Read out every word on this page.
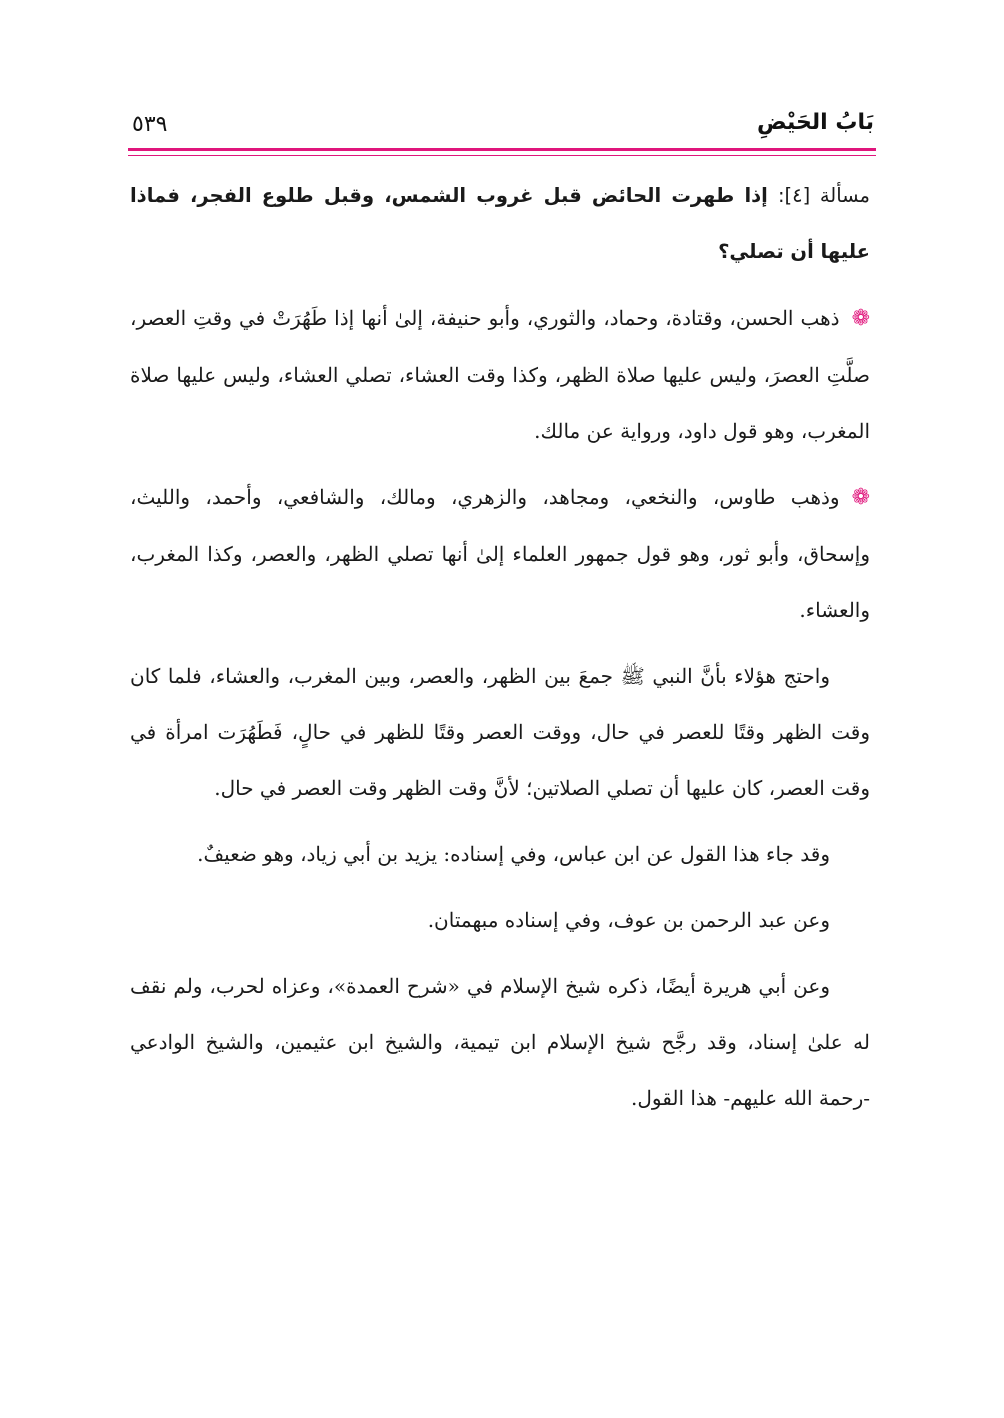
بَابُ الحَيْضِ
٥٣٩

مسألة [٤]: إذا طهرت الحائض قبل غروب الشمس، وقبل طلوع الفجر، فماذا عليها أن تصلي؟

❁ذهب الحسن، وقتادة، وحماد، والثوري، وأبو حنيفة، إلىٰ أنها إذا طَهُرَتْ في وقتِ العصر، صلَّتِ العصرَ، وليس عليها صلاة الظهر، وكذا وقت العشاء، تصلي العشاء، وليس عليها صلاة المغرب، وهو قول داود، ورواية عن مالك.

❁وذهب طاوس، والنخعي، ومجاهد، والزهري، ومالك، والشافعي، وأحمد، والليث، وإسحاق، وأبو ثور، وهو قول جمهور العلماء إلىٰ أنها تصلي الظهر، والعصر، وكذا المغرب، والعشاء.

واحتج هؤلاء بأنَّ النبي ﷺ جمعَ بين الظهر، والعصر، وبين المغرب، والعشاء، فلما كان وقت الظهر وقتًا للعصر في حال، ووقت العصر وقتًا للظهر في حالٍ، فَطَهُرَت امرأة في وقت العصر، كان عليها أن تصلي الصلاتين؛ لأنَّ وقت الظهر وقت العصر في حال.

وقد جاء هذا القول عن ابن عباس، وفي إسناده: يزيد بن أبي زياد، وهو ضعيفٌ.

وعن عبد الرحمن بن عوف، وفي إسناده مبهمتان.

وعن أبي هريرة أيضًا، ذكره شيخ الإسلام في «شرح العمدة»، وعزاه لحرب، ولم نقف له علىٰ إسناد، وقد رجَّح شيخ الإسلام ابن تيمية، والشيخ ابن عثيمين، والشيخ الوادعي -رحمة الله عليهم- هذا القول.
